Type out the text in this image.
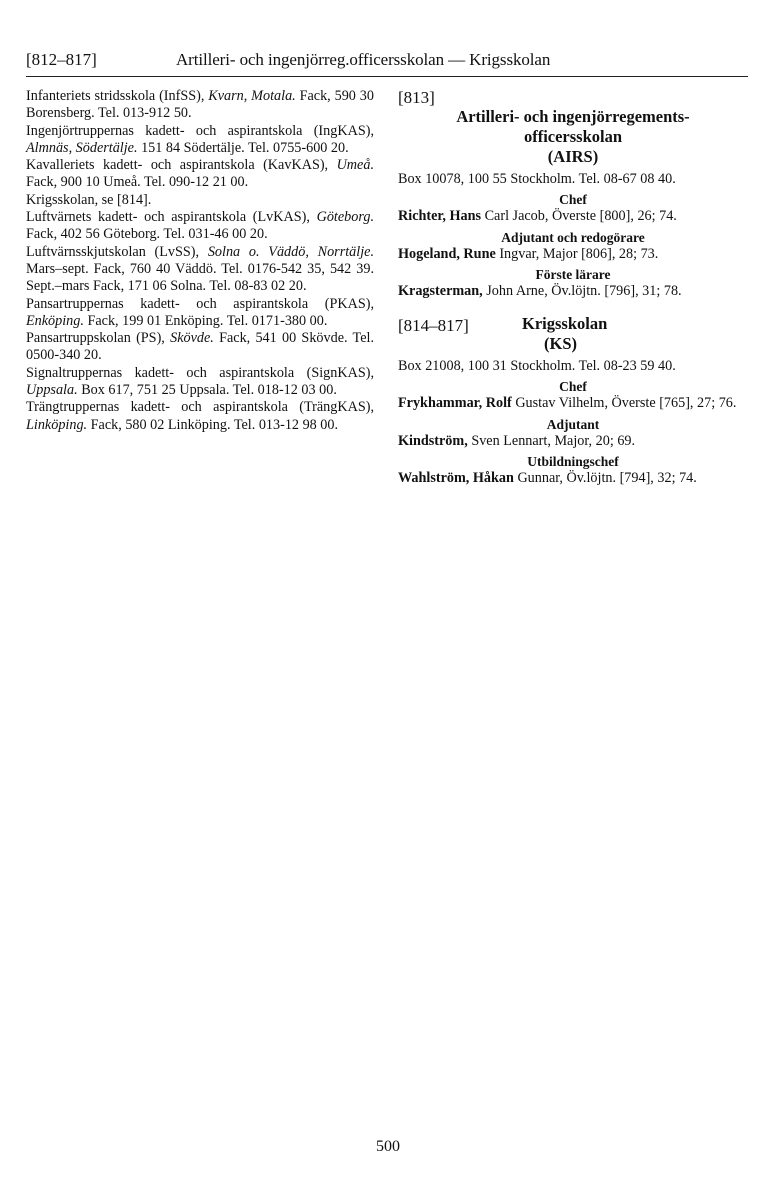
[812–817]	Artilleri- och ingenjörreg.officersskolan — Krigsskolan

Infanteriets stridsskola (InfSS), Kvarn, Motala. Fack, 590 30 Borensberg. Tel. 013-912 50.

Ingenjörtruppernas kadett- och aspirantskola (IngKAS), Almnäs, Södertälje. 151 84 Södertälje. Tel. 0755-600 20.

Kavalleriets kadett- och aspirantskola (KavKAS), Umeå. Fack, 900 10 Umeå. Tel. 090-12 21 00.

Krigsskolan, se [814].

Luftvärnets kadett- och aspirantskola (LvKAS), Göteborg. Fack, 402 56 Göteborg. Tel. 031-46 00 20.

Luftvärnsskjutskolan (LvSS), Solna o. Väddö, Norrtälje. Mars–sept. Fack, 760 40 Väddö. Tel. 0176-542 35, 542 39. Sept.–mars Fack, 171 06 Solna. Tel. 08-83 02 20.

Pansartruppernas kadett- och aspirantskola (PKAS), Enköping. Fack, 199 01 Enköping. Tel. 0171-380 00.

Pansartruppskolan (PS), Skövde. Fack, 541 00 Skövde. Tel. 0500-340 20.

Signaltruppernas kadett- och aspirantskola (SignKAS), Uppsala. Box 617, 751 25 Uppsala. Tel. 018-12 03 00.

Trängtruppernas kadett- och aspirantskola (TrängKAS), Linköping. Fack, 580 02 Linköping. Tel. 013-12 98 00.

[813]
Artilleri- och ingenjörregements-
officersskolan
(AIRS)

Box 10078, 100 55 Stockholm. Tel. 08-67 08 40.

Chef

Richter, Hans Carl Jacob, Överste [800], 26; 74.

Adjutant och redogörare

Hogeland, Rune Ingvar, Major [806], 28; 73.

Förste lärare

Kragsterman, John Arne, Öv.löjtn. [796], 31; 78.

[814–817]	Krigsskolan
(KS)

Box 21008, 100 31 Stockholm. Tel. 08-23 59 40.

Chef

Frykhammar, Rolf Gustav Vilhelm, Överste [765], 27; 76.

Adjutant

Kindström, Sven Lennart, Major, 20; 69.

Utbildningschef

Wahlström, Håkan Gunnar, Öv.löjtn. [794], 32; 74.

500
